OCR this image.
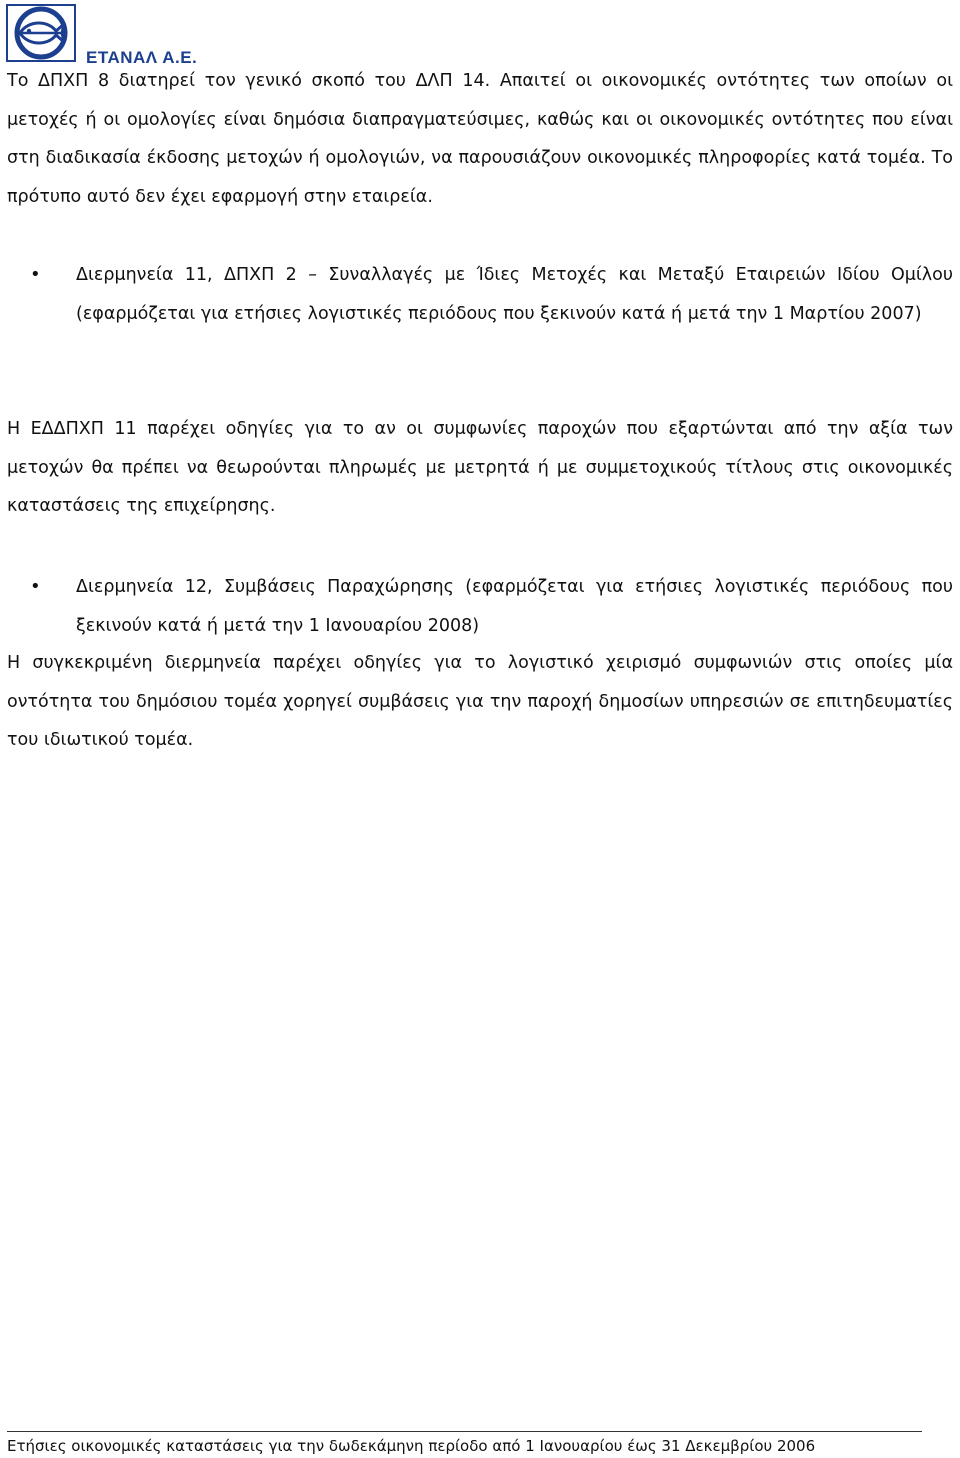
ΕΤΑΝΑΛ Α.Ε.

Το ΔΠΧΠ 8 διατηρεί τον γενικό σκοπό του ΔΛΠ 14. Απαιτεί οι οικονομικές οντότητες των οποίων οι μετοχές ή οι ομολογίες είναι δημόσια διαπραγματεύσιμες, καθώς και οι οικονομικές οντότητες που είναι στη διαδικασία έκδοσης μετοχών ή ομολογιών, να παρουσιάζουν οικονομικές πληροφορίες κατά τομέα. Το πρότυπο αυτό δεν έχει εφαρμογή στην εταιρεία.

• Διερμηνεία 11, ΔΠΧΠ 2 – Συναλλαγές με Ίδιες Μετοχές και Μεταξύ Εταιρειών Ιδίου Ομίλου (εφαρμόζεται για ετήσιες λογιστικές περιόδους που ξεκινούν κατά ή μετά την 1 Μαρτίου 2007)

Η ΕΔΔΠΧΠ 11 παρέχει οδηγίες για το αν οι συμφωνίες παροχών που εξαρτώνται από την αξία των μετοχών θα πρέπει να θεωρούνται πληρωμές με μετρητά ή με συμμετοχικούς τίτλους στις οικονομικές καταστάσεις της επιχείρησης.

• Διερμηνεία 12, Συμβάσεις Παραχώρησης (εφαρμόζεται για ετήσιες λογιστικές περιόδους που ξεκινούν κατά ή μετά την 1 Ιανουαρίου 2008)

Η συγκεκριμένη διερμηνεία παρέχει οδηγίες για το λογιστικό χειρισμό συμφωνιών στις οποίες μία οντότητα του δημόσιου τομέα χορηγεί συμβάσεις για την παροχή δημοσίων υπηρεσιών σε επιτηδευματίες του ιδιωτικού τομέα.

Ετήσιες οικονομικές καταστάσεις για την δωδεκάμηνη περίοδο από 1 Ιανουαρίου έως 31 Δεκεμβρίου 2006
